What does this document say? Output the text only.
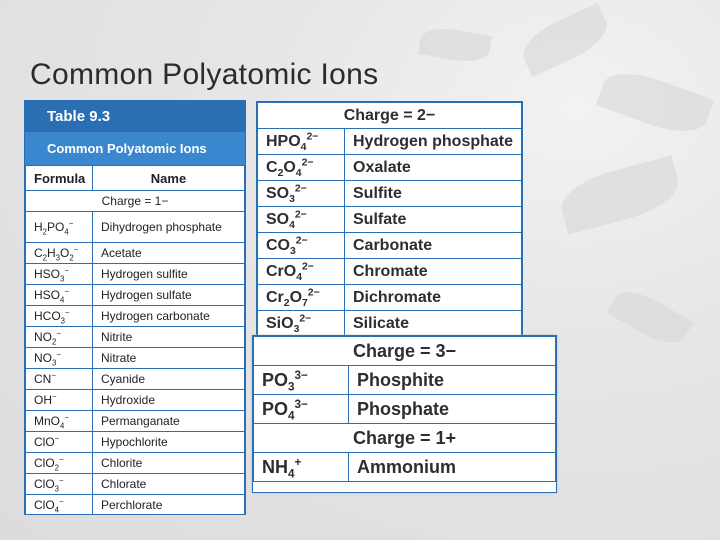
Common Polyatomic Ions
Table 9.3
Common Polyatomic Ions
Formula	Name
Charge = 1−	
$H_2PO_4^-$	Dihydrogen phosphate
$C_2H_3O_2^-$	Acetate
$HSO_3^-$	Hydrogen sulfite
$HSO_4^-$	Hydrogen sulfate
$HCO_3^-$	Hydrogen carbonate
$NO_2^-$	Nitrite
$NO_3^-$	Nitrate
CN−	Cyanide
OH−	Hydroxide
MnO$_4$−	Permanganate
ClO−	Hypochlorite
ClO$_2$−	Chlorite
ClO$_3$−	Chlorate
ClO$_4$−	Perchlorate
Charge = 2−	
$HPO_4^{2-}$	Hydrogen phosphate
$C_2O_4^{2-}$	Oxalate
$SO_3^{2-}$	Sulfite
$SO_4^{2-}$	Sulfate
$CO_3^{2-}$	Carbonate
CrO$_4^{2-}$	Chromate
$Cr_2O_7^{2-}$	Dichromate
SiO$_3^{2-}$	Silicate
Charge = 3−	
$PO_3^{3-}$	Phosphite
$PO_4^{3-}$	Phosphate
Charge = 1+	
$NH_4^+$	Ammonium
